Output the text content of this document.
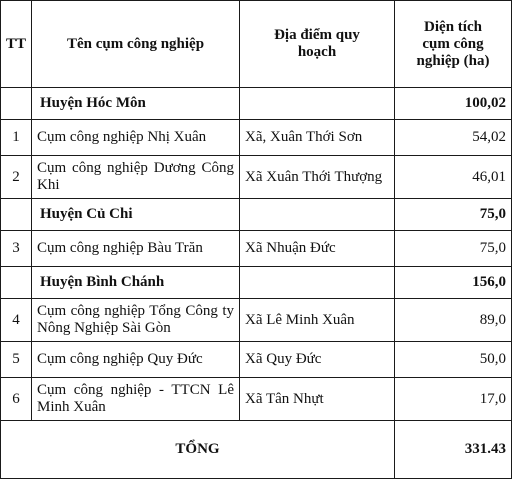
TT	Tên cụm công nghiệp	Địa điểm quy hoạch	Diện tích cụm công nghiệp (ha)
	Huyện Hóc Môn		100,02
1	Cụm công nghiệp Nhị Xuân	Xã, Xuân Thới Sơn	54,02
2	Cụm công nghiệp Dương Công Khi	Xã Xuân Thới Thượng	46,01
	Huyện Củ Chi		75,0
3	Cụm công nghiệp Bàu Trăn	Xã Nhuận Đức	75,0
	Huyện Bình Chánh		156,0
4	Cụm công nghiệp Tổng Công ty Nông Nghiệp Sài Gòn	Xã Lê Minh Xuân	89,0
5	Cụm công nghiệp Quy Đức	Xã Quy Đức	50,0
6	Cụm công nghiệp - TTCN Lê Minh Xuân	Xã Tân Nhựt	17,0
TỔNG			331.43
